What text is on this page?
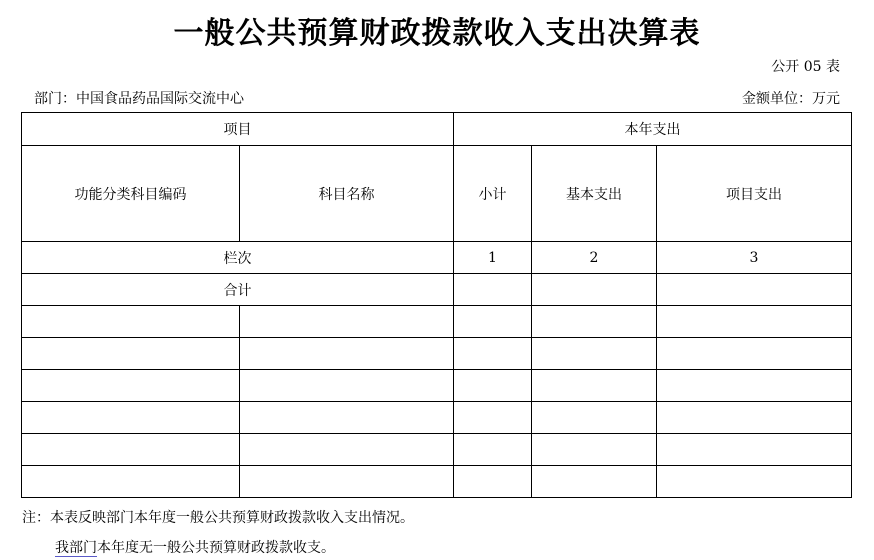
一般公共预算财政拨款收入支出决算表
公开 05 表
部门：中国食品药品国际交流中心	金额单位：万元
项目		本年支出		
功能分类科目编码	科目名称	小计	基本支出	项目支出
栏次		1	2	3
合计				

注：本表反映部门本年度一般公共预算财政拨款收入支出情况。
我部门本年度无一般公共预算财政拨款收支。
